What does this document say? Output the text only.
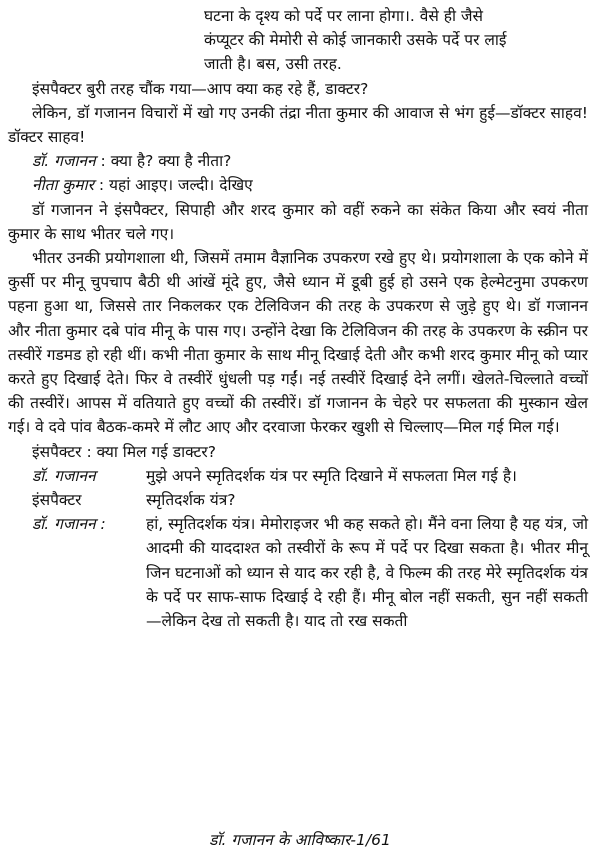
घटना के दृश्य को पर्दे पर लाना होगा।. वैसे ही जैसे
कंप्यूटर की मेमोरी से कोई जानकारी उसके पर्दे पर लाई
जाती है। बस, उसी तरह.

इंसपैक्टर बुरी तरह चौंक गया—आप क्या कह रहे हैं, डाक्टर?

लेकिन, डॉ गजानन विचारों में खो गए उनकी तंद्रा नीता कुमार की आवाज से भंग हुई—डॉक्टर साहव! डॉक्टर साहव!

डॉ. गजानन : क्या है? क्या है नीता?
नीता कुमार : यहां आइए। जल्दी। देखिए

डॉ गजानन ने इंसपैक्टर, सिपाही और शरद कुमार को वहीं रुकने का संकेत किया और स्वयं नीता कुमार के साथ भीतर चले गए।

भीतर उनकी प्रयोगशाला थी, जिसमें तमाम वैज्ञानिक उपकरण रखे हुए थे। प्रयोगशाला के एक कोने में कुर्सी पर मीनू चुपचाप बैठी थी आंखें मूंदे हुए, जैसे ध्यान में डूबी हुई हो उसने एक हेल्मेटनुमा उपकरण पहना हुआ था, जिससे तार निकलकर एक टेलिविजन की तरह के उपकरण से जुड़े हुए थे। डॉ गजानन और नीता कुमार दबे पांव मीनू के पास गए। उन्होंने देखा कि टेलिविजन की तरह के उपकरण के स्क्रीन पर तस्वीरें गडमड हो रही थीं। कभी नीता कुमार के साथ मीनू दिखाई देती और कभी शरद कुमार मीनू को प्यार करते हुए दिखाई देते। फिर वे तस्वीरें धुंधली पड़ गईं। नई तस्वीरें दिखाई देने लगीं। खेलते-चिल्लाते वच्चों की तस्वीरें। आपस में वतियाते हुए वच्चों की तस्वीरें। डॉ गजानन के चेहरे पर सफलता की मुस्कान खेल गई। वे दवे पांव बैठक-कमरे में लौट आए और दरवाजा फेरकर खुशी से चिल्लाए—मिल गई मिल गई।

इंसपैक्टर : क्या मिल गई डाक्टर?
डॉ. गजानन	मुझे अपने स्मृतिदर्शक यंत्र पर स्मृति दिखाने में सफलता मिल गई है।
इंसपैक्टर	स्मृतिदर्शक यंत्र?
डॉ. गजानन :	हां, स्मृतिदर्शक यंत्र। मेमोराइजर भी कह सकते हो। मैंने वना लिया है यह यंत्र, जो आदमी की याददाश्त को तस्वीरों के रूप में पर्दे पर दिखा सकता है। भीतर मीनू जिन घटनाओं को ध्यान से याद कर रही है, वे फिल्म की तरह मेरे स्मृतिदर्शक यंत्र के पर्दे पर साफ-साफ दिखाई दे रही हैं। मीनू बोल नहीं सकती, सुन नहीं सकती—लेकिन देख तो सकती है। याद तो रख सकती
डॉ. गजानन के आविष्कार-1/61
